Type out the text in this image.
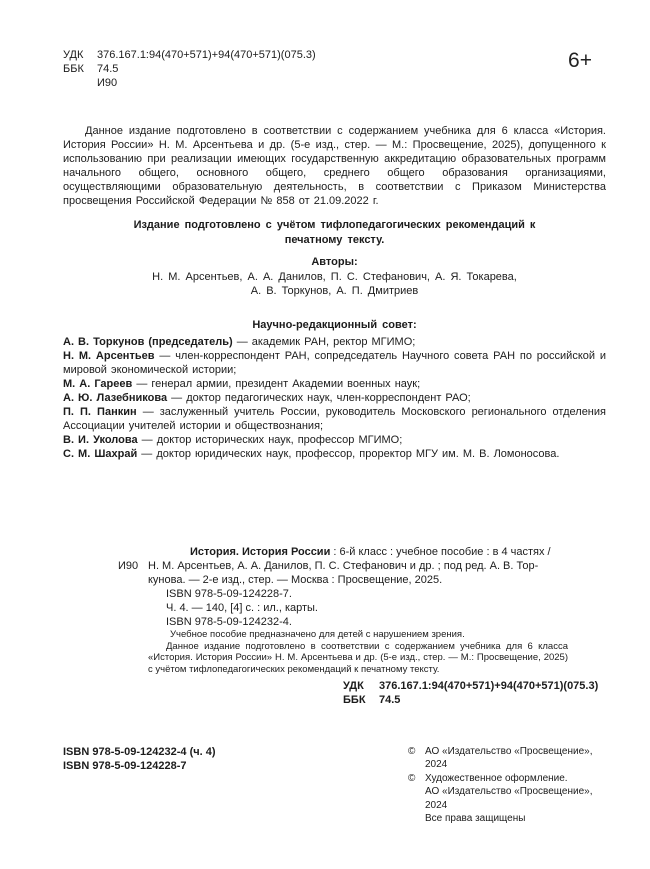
УДК 376.167.1:94(470+571)+94(470+571)(075.3)
ББК 74.5
И90
6+

Данное издание подготовлено в соответствии с содержанием учебника для 6 класса «История. История России» Н. М. Арсентьева и др. (5-е изд., стер. — М.: Просвещение, 2025), допущенного к использованию при реализации имеющих государственную аккредитацию образовательных программ начального общего, основного общего, среднего общего образования организациями, осуществляющими образовательную деятельность, в соответствии с Приказом Министерства просвещения Российской Федерации № 858 от 21.09.2022 г.

Издание подготовлено с учётом тифлопедагогических рекомендаций к печатному тексту.

Авторы:

Н. М. Арсентьев, А. А. Данилов, П. С. Стефанович, А. Я. Токарева, А. В. Торкунов, А. П. Дмитриев

Научно-редакционный совет:

А. В. Торкунов (председатель) — академик РАН, ректор МГИМО;

Н. М. Арсентьев — член-корреспондент РАН, сопредседатель Научного совета РАН по российской и мировой экономической истории;

М. А. Гареев — генерал армии, президент Академии военных наук;

А. Ю. Лазебникова — доктор педагогических наук, член-корреспондент РАО;

П. П. Панкин — заслуженный учитель России, руководитель Московского регионального отделения Ассоциации учителей истории и обществознания;

В. И. Уколова — доктор исторических наук, профессор МГИМО;

С. М. Шахрай — доктор юридических наук, профессор, проректор МГУ им. М. В. Ломоносова.

История. История России : 6-й класс : учебное пособие : в 4 частях /
И90 Н. М. Арсентьев, А. А. Данилов, П. С. Стефанович и др. ; под ред. А. В. Тор-
кунова. — 2-е изд., стер. — Москва : Просвещение, 2025.
ISBN 978-5-09-124228-7.
Ч. 4. — 140, [4] с. : ил., карты.
ISBN 978-5-09-124232-4.
Учебное пособие предназначено для детей с нарушением зрения.

Данное издание подготовлено в соответствии с содержанием учебника для 6 класса «История. История России» Н. М. Арсентьева и др. (5-е изд., стер. — М.: Просвещение, 2025) с учётом тифлопедагогических рекомендаций к печатному тексту.

УДК 376.167.1:94(470+571)+94(470+571)(075.3)
ББК 74.5
ISBN 978-5-09-124232-4 (ч. 4)
ISBN 978-5-09-124228-7
© АО «Издательство «Просвещение», 2024
© Художественное оформление.
АО «Издательство «Просвещение», 2024
Все права защищены
